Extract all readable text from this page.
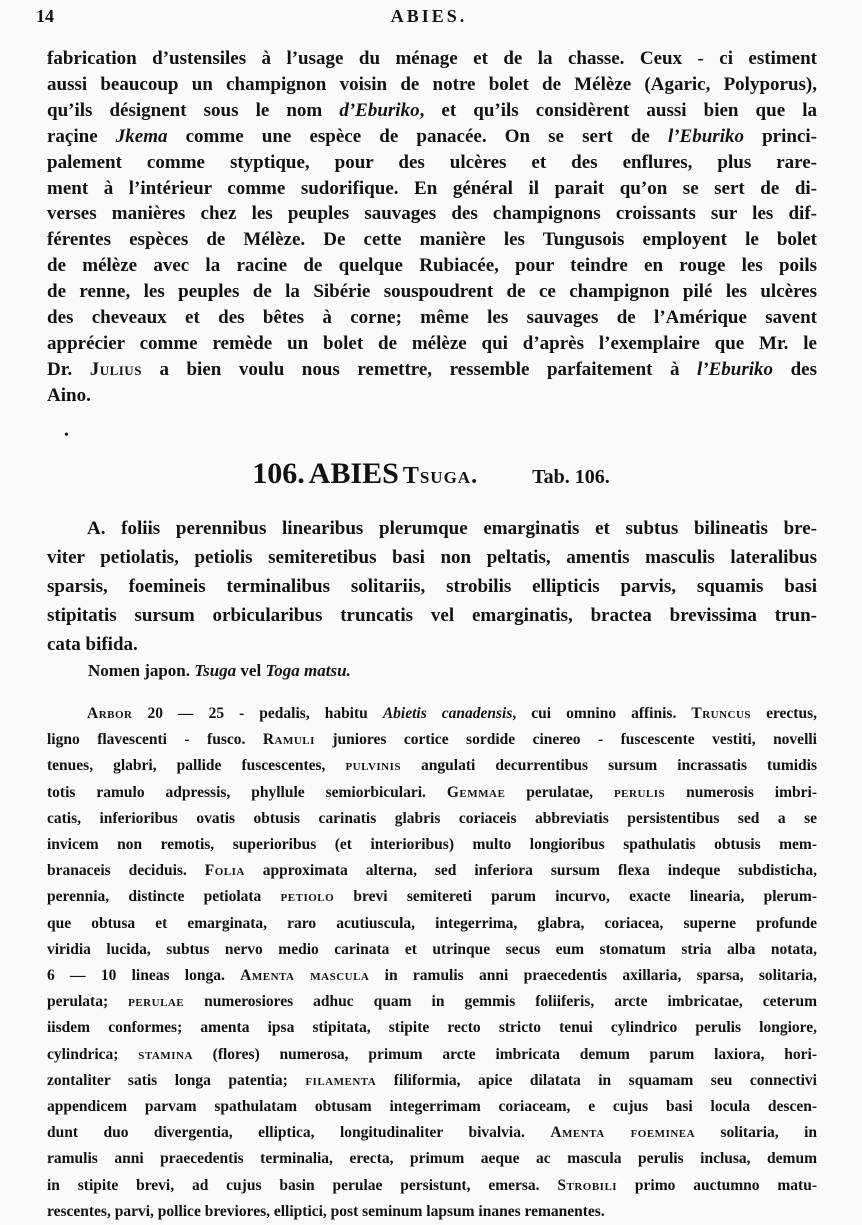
14	ABIES.
fabrication d’ustensiles à l’usage du ménage et de la chasse. Ceux - ci estiment
aussi beaucoup un champignon voisin de notre bolet de Mélèze (Agaric, Polyporus),
qu’ils désignent sous le nom d’Eburiko, et qu’ils considèrent aussi bien que la
raçine Jkema comme une espèce de panacée. On se sert de l’Eburiko princi-
palement comme styptique, pour des ulcères et des enflures, plus rare-
ment à l’intérieur comme sudorifique. En général il parait qu’on se sert de di-
verses manières chez les peuples sauvages des champignons croissants sur les dif-
férentes espèces de Mélèze. De cette manière les Tungusois employent le bolet
de mélèze avec la racine de quelque Rubiacée, pour teindre en rouge les poils
de renne, les peuples de la Sibérie souspoudrent de ce champignon pilé les ulcères
des cheveaux et des bêtes à corne; même les sauvages de l’Amérique savent
apprécier comme remède un bolet de mélèze qui d’après l’exemplaire que Mr. le
Dr. Julius a bien voulu nous remettre, ressemble parfaitement à l’Eburiko des
Aino.
•
106. ABIES Tsuga.	Tab. 106.
A. foliis perennibus linearibus plerumque emarginatis et subtus bilineatis bre-
viter petiolatis, petiolis semiteretibus basi non peltatis, amentis masculis lateralibus
sparsis, foemineis terminalibus solitariis, strobilis ellipticis parvis, squamis basi
stipitatis sursum orbicularibus truncatis vel emarginatis, bractea brevissima trun-
cata bifida.
Nomen japon. Tsuga vel Toga matsu.
Arbor 20 — 25 - pedalis, habitu Abietis canadensis, cui omnino affinis. Truncus erectus,
ligno flavescenti - fusco. Ramuli juniores cortice sordide cinereo - fuscescente vestiti, novelli
tenues, glabri, pallide fuscescentes, pulvinis angulati decurrentibus sursum incrassatis tumidis
totis ramulo adpressis, phyllule semiorbiculari. Gemmae perulatae, perulis numerosis imbri-
catis, inferioribus ovatis obtusis carinatis glabris coriaceis abbreviatis persistentibus sed a se
invicem non remotis, superioribus (et interioribus) multo longioribus spathulatis obtusis mem-
branaceis deciduis. Folia approximata alterna, sed inferiora sursum flexa indeque subdisticha,
perennia, distincte petiolata petiolo brevi semitereti parum incurvo, exacte linearia, plerum-
que obtusa et emarginata, raro acutiuscula, integerrima, glabra, coriacea, superne profunde
viridia lucida, subtus nervo medio carinata et utrinque secus eum stomatum stria alba notata,
6 — 10 lineas longa. Amenta mascula in ramulis anni praecedentis axillaria, sparsa, solitaria,
perulata; perulae numerosiores adhuc quam in gemmis foliiferis, arcte imbricatae, ceterum
iisdem conformes; amenta ipsa stipitata, stipite recto stricto tenui cylindrico perulis longiore,
cylindrica; stamina (flores) numerosa, primum arcte imbricata demum parum laxiora, hori-
zontaliter satis longa patentia; filamenta filiformia, apice dilatata in squamam seu connectivi
appendicem parvam spathulatam obtusam integerrimam coriaceam, e cujus basi locula descen-
dunt duo divergentia, elliptica, longitudinaliter bivalvia. Amenta foeminea solitaria, in
ramulis anni praecedentis terminalia, erecta, primum aeque ac mascula perulis inclusa, demum
in stipite brevi, ad cujus basin perulae persistunt, emersa. Strobili primo auctumno matu-
rescentes, parvi, pollice breviores, elliptici, post seminum lapsum inanes remanentes.
